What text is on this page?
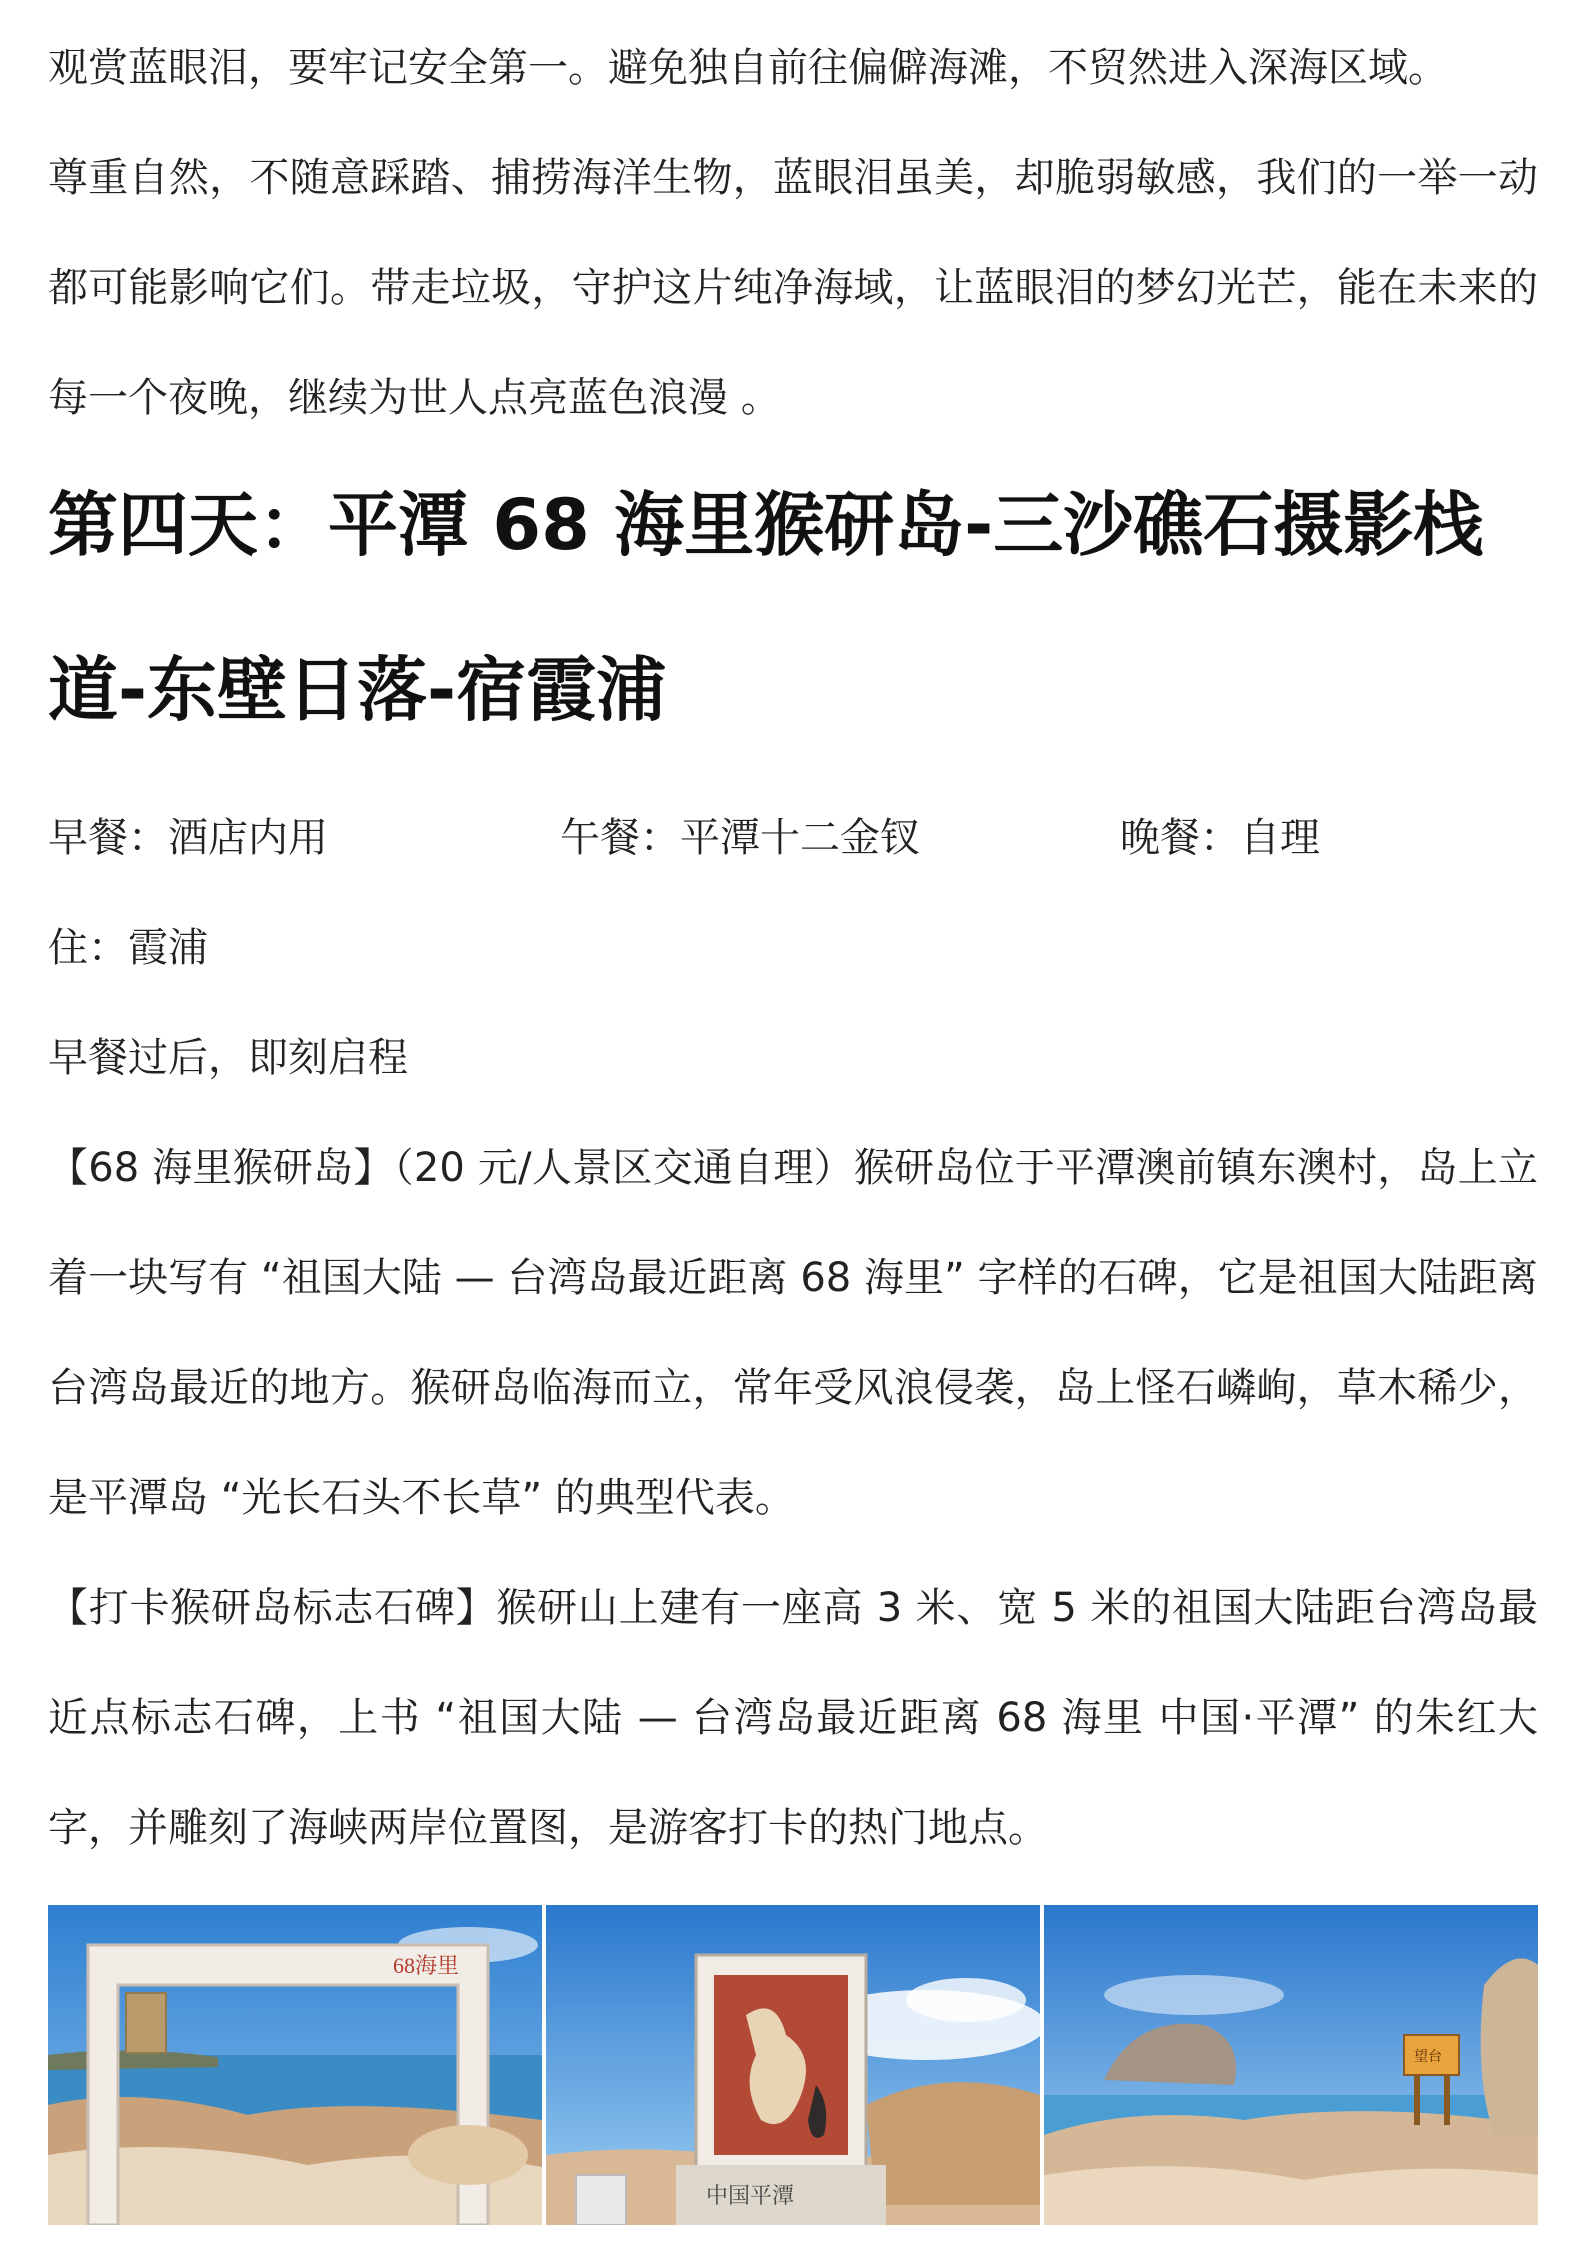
观赏蓝眼泪，要牢记安全第一。避免独自前往偏僻海滩，不贸然进入深海区域。

尊重自然，不随意踩踏、捕捞海洋生物，蓝眼泪虽美，却脆弱敏感，我们的一举一动都可能影响它们。带走垃圾，守护这片纯净海域，让蓝眼泪的梦幻光芒，能在未来的每一个夜晚，继续为世人点亮蓝色浪漫 。

第四天：平潭 68 海里猴研岛-三沙礁石摄影栈道-东壁日落-宿霞浦
早餐：酒店内用	午餐：平潭十二金钗	晚餐：自理
住：霞浦
早餐过后，即刻启程

【68 海里猴研岛】（20 元/人景区交通自理）猴研岛位于平潭澳前镇东澳村，岛上立着一块写有 “祖国大陆 — 台湾岛最近距离 68 海里” 字样的石碑，它是祖国大陆距离台湾岛最近的地方。猴研岛临海而立，常年受风浪侵袭，岛上怪石嶙峋，草木稀少，是平潭岛 “光长石头不长草” 的典型代表。

【打卡猴研岛标志石碑】猴研山上建有一座高 3 米、宽 5 米的祖国大陆距台湾岛最近点标志石碑，上书 “祖国大陆 — 台湾岛最近距离 68 海里 中国·平潭” 的朱红大字，并雕刻了海峡两岸位置图，是游客打卡的热门地点。

68海里
中国平潭
望台
